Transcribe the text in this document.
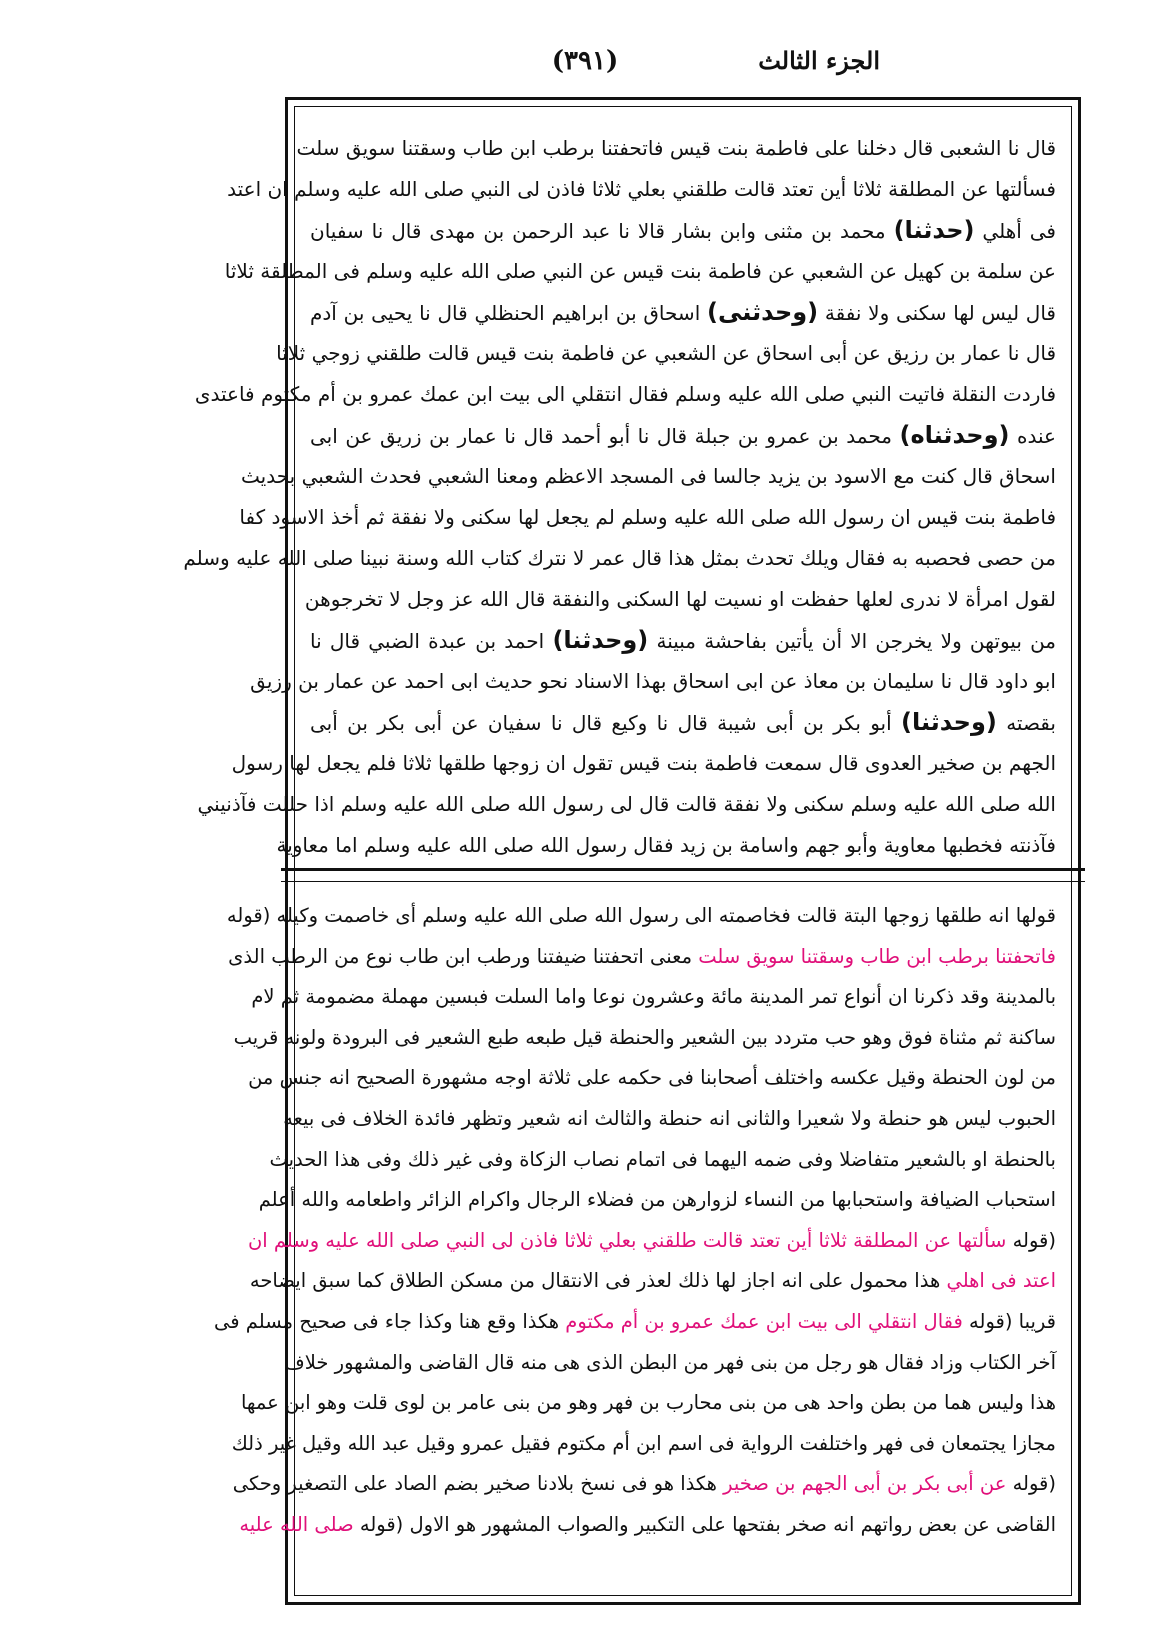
(٣٩١)	الجزء الثالث
قال نا الشعبى قال دخلنا على فاطمة بنت قيس فاتحفتنا برطب ابن طاب وسقتنا سويق سلت
فسألتها عن المطلقة ثلاثا أين تعتد قالت طلقني بعلي ثلاثا فاذن لى النبي صلى الله عليه وسلم ان اعتد
فى أهلي (حدثنا) محمد بن مثنى وابن بشار قالا نا عبد الرحمن بن مهدى قال نا سفيان
عن سلمة بن كهيل عن الشعبي عن فاطمة بنت قيس عن النبي صلى الله عليه وسلم فى المطلقة ثلاثا
قال ليس لها سكنى ولا نفقة (وحدثنى) اسحاق بن ابراهيم الحنظلي قال نا يحيى بن آدم
قال نا عمار بن رزيق عن أبى اسحاق عن الشعبي عن فاطمة بنت قيس قالت طلقني زوجي ثلاثا
فاردت النقلة فاتيت النبي صلى الله عليه وسلم فقال انتقلي الى بيت ابن عمك عمرو بن أم مكتوم فاعتدى
عنده (وحدثناه) محمد بن عمرو بن جبلة قال نا أبو أحمد قال نا عمار بن زريق عن ابى
اسحاق قال كنت مع الاسود بن يزيد جالسا فى المسجد الاعظم ومعنا الشعبي فحدث الشعبي بحديث
فاطمة بنت قيس ان رسول الله صلى الله عليه وسلم لم يجعل لها سكنى ولا نفقة ثم أخذ الاسود كفا
من حصى فحصبه به فقال ويلك تحدث بمثل هذا قال عمر لا نترك كتاب الله وسنة نبينا صلى الله عليه وسلم
لقول امرأة لا ندرى لعلها حفظت او نسيت لها السكنى والنفقة قال الله عز وجل لا تخرجوهن
من بيوتهن ولا يخرجن الا أن يأتين بفاحشة مبينة (وحدثنا) احمد بن عبدة الضبي قال نا
ابو داود قال نا سليمان بن معاذ عن ابى اسحاق بهذا الاسناد نحو حديث ابى احمد عن عمار بن رزيق
بقصته (وحدثنا) أبو بكر بن أبى شيبة قال نا وكيع قال نا سفيان عن أبى بكر بن أبى
الجهم بن صخير العدوى قال سمعت فاطمة بنت قيس تقول ان زوجها طلقها ثلاثا فلم يجعل لها رسول
الله صلى الله عليه وسلم سكنى ولا نفقة قالت قال لى رسول الله صلى الله عليه وسلم اذا حللت فآذنيني
فآذنته فخطبها معاوية وأبو جهم واسامة بن زيد فقال رسول الله صلى الله عليه وسلم اما معاوية
قولها انه طلقها زوجها البتة قالت فخاصمته الى رسول الله صلى الله عليه وسلم أى خاصمت وكيله (قوله
فاتحفتنا برطب ابن طاب وسقتنا سويق سلت معنى اتحفتنا ضيفتنا ورطب ابن طاب نوع من الرطب الذى
بالمدينة وقد ذكرنا ان أنواع تمر المدينة مائة وعشرون نوعا واما السلت فبسين مهملة مضمومة ثم لام
ساكنة ثم مثناة فوق وهو حب متردد بين الشعير والحنطة قيل طبعه طبع الشعير فى البرودة ولونه قريب
من لون الحنطة وقيل عكسه واختلف أصحابنا فى حكمه على ثلاثة اوجه مشهورة الصحيح انه جنس من
الحبوب ليس هو حنطة ولا شعيرا والثانى انه حنطة والثالث انه شعير وتظهر فائدة الخلاف فى بيعه
بالحنطة او بالشعير متفاضلا وفى ضمه اليهما فى اتمام نصاب الزكاة وفى غير ذلك وفى هذا الحديث
استحباب الضيافة واستحبابها من النساء لزوارهن من فضلاء الرجال واكرام الزائر واطعامه والله أعلم
(قوله سألتها عن المطلقة ثلاثا أين تعتد قالت طلقني بعلي ثلاثا فاذن لى النبي صلى الله عليه وسلم ان
اعتد فى اهلي هذا محمول على انه اجاز لها ذلك لعذر فى الانتقال من مسكن الطلاق كما سبق ايضاحه
قريبا (قوله فقال انتقلي الى بيت ابن عمك عمرو بن أم مكتوم هكذا وقع هنا وكذا جاء فى صحيح مسلم فى
آخر الكتاب وزاد فقال هو رجل من بنى فهر من البطن الذى هى منه قال القاضى والمشهور خلاف
هذا وليس هما من بطن واحد هى من بنى محارب بن فهر وهو من بنى عامر بن لوى قلت وهو ابن عمها
مجازا يجتمعان فى فهر واختلفت الرواية فى اسم ابن أم مكتوم فقيل عمرو وقيل عبد الله وقيل غير ذلك
(قوله عن أبى بكر بن أبى الجهم بن صخير هكذا هو فى نسخ بلادنا صخير بضم الصاد على التصغير وحكى
القاضى عن بعض رواتهم انه صخر بفتحها على التكبير والصواب المشهور هو الاول (قوله صلى الله عليه
